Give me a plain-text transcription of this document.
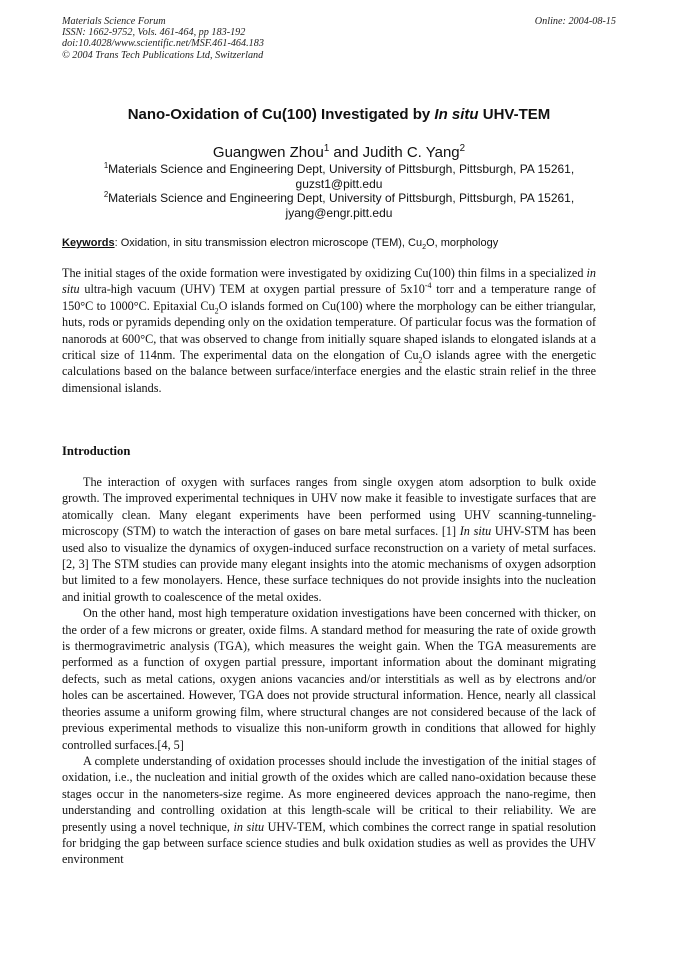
Materials Science Forum
ISSN: 1662-9752, Vols. 461-464, pp 183-192
doi:10.4028/www.scientific.net/MSF.461-464.183
© 2004 Trans Tech Publications Ltd, Switzerland
Online: 2004-08-15
Nano-Oxidation of Cu(100) Investigated by In situ UHV-TEM
Guangwen Zhou$^1$ and Judith C. Yang$^2$
$^1$Materials Science and Engineering Dept, University of Pittsburgh, Pittsburgh, PA 15261,
guzst1@pitt.edu
$^2$Materials Science and Engineering Dept, University of Pittsburgh, Pittsburgh, PA 15261,
jyang@engr.pitt.edu
Keywords: Oxidation, in situ transmission electron microscope (TEM), $Cu_2O$, morphology
The initial stages of the oxide formation were investigated by oxidizing Cu(100) thin films in a specialized in situ ultra-high vacuum (UHV) TEM at oxygen partial pressure of $5x10^{-4}$ torr and a temperature range of 150°C to 1000°C. Epitaxial $Cu_2O$ islands formed on Cu(100) where the morphology can be either triangular, huts, rods or pyramids depending only on the oxidation temperature. Of particular focus was the formation of nanorods at 600°C, that was observed to change from initially square shaped islands to elongated islands at a critical size of 114nm. The experimental data on the elongation of $Cu_2O$ islands agree with the energetic calculations based on the balance between surface/interface energies and the elastic strain relief in the three dimensional islands.
Introduction

The interaction of oxygen with surfaces ranges from single oxygen atom adsorption to bulk oxide growth. The improved experimental techniques in UHV now make it feasible to investigate surfaces that are atomically clean. Many elegant experiments have been performed using UHV scanning-tunneling-microscopy (STM) to watch the interaction of gases on bare metal surfaces. [1] In situ UHV-STM has been used also to visualize the dynamics of oxygen-induced surface reconstruction on a variety of metal surfaces.[2, 3] The STM studies can provide many elegant insights into the atomic mechanisms of oxygen adsorption but limited to a few monolayers. Hence, these surface techniques do not provide insights into the nucleation and initial growth to coalescence of the metal oxides.

On the other hand, most high temperature oxidation investigations have been concerned with thicker, on the order of a few microns or greater, oxide films. A standard method for measuring the rate of oxide growth is thermogravimetric analysis (TGA), which measures the weight gain. When the TGA measurements are performed as a function of oxygen partial pressure, important information about the dominant migrating defects, such as metal cations, oxygen anions vacancies and/or interstitials as well as by electrons and/or holes can be ascertained. However, TGA does not provide structural information. Hence, nearly all classical theories assume a uniform growing film, where structural changes are not considered because of the lack of previous experimental methods to visualize this non-uniform growth in conditions that allowed for highly controlled surfaces.[4, 5]

A complete understanding of oxidation processes should include the investigation of the initial stages of oxidation, i.e., the nucleation and initial growth of the oxides which are called nano-oxidation because these stages occur in the nanometers-size regime. As more engineered devices approach the nano-regime, then understanding and controlling oxidation at this length-scale will be critical to their reliability. We are presently using a novel technique, in situ UHV-TEM, which combines the correct range in spatial resolution for bridging the gap between surface science studies and bulk oxidation studies as well as provides the UHV environment
